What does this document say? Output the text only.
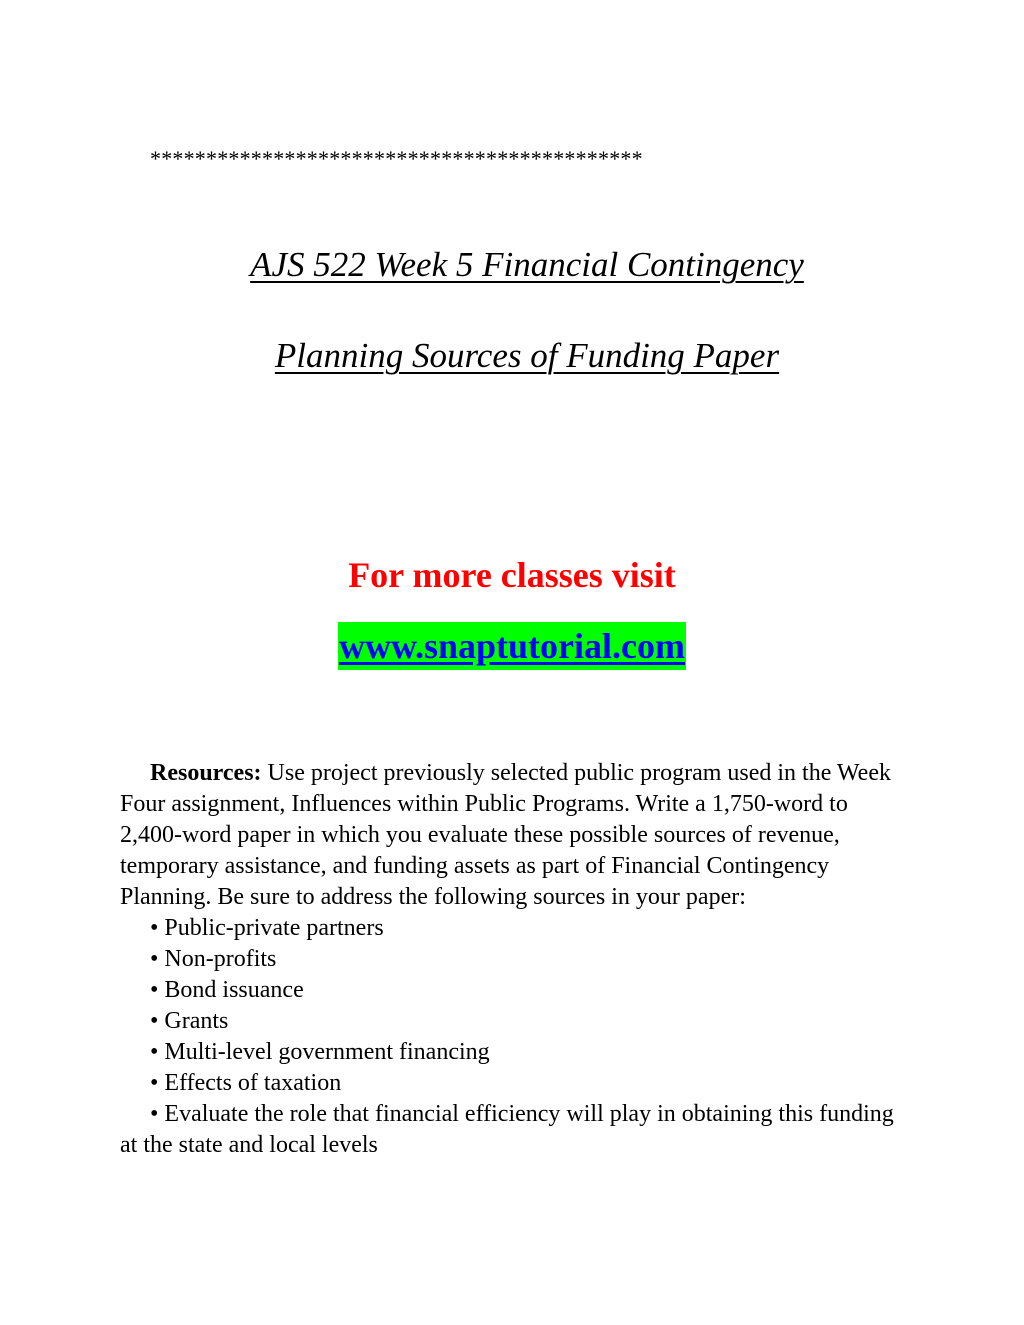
********************************************
AJS 522 Week 5 Financial Contingency
Planning Sources of Funding Paper
For more classes visit
www.snaptutorial.com

Resources: Use project previously selected public program used in the Week Four assignment, Influences within Public Programs. Write a 1,750-word to 2,400-word paper in which you evaluate these possible sources of revenue, temporary assistance, and funding assets as part of Financial Contingency Planning. Be sure to address the following sources in your paper:

• Public-private partners
• Non-profits
• Bond issuance
• Grants
• Multi-level government financing
• Effects of taxation
• Evaluate the role that financial efficiency will play in obtaining this funding at the state and local levels
